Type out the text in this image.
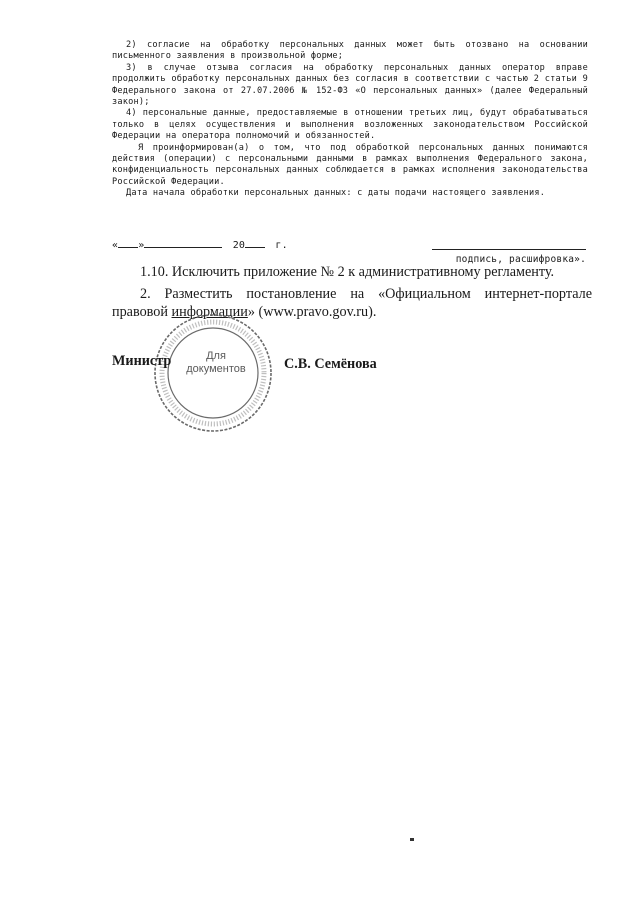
2) согласие на обработку персональных данных может быть отозвано на основании письменного заявления в произвольной форме;

3) в случае отзыва согласия на обработку персональных данных оператор вправе продолжить обработку персональных данных без согласия в соответствии с частью 2 статьи 9 Федерального закона от 27.07.2006 № 152-ФЗ «О персональных данных» (далее Федеральный закон);

4) персональные данные, предоставляемые в отношении третьих лиц, будут обрабатываться только в целях осуществления и выполнения возложенных законодательством Российской Федерации на оператора полномочий и обязанностей.

Я проинформирован(а) о том, что под обработкой персональных данных понимаются действия (операции) с персональными данными в рамках выполнения Федерального закона, конфиденциальность персональных данных соблюдается в рамках исполнения законодательства Российской Федерации.

Дата начала обработки персональных данных: с даты подачи настоящего заявления.

« »	20	г.
подпись, расшифровка».

1.10. Исключить приложение № 2 к административному регламенту.

2. Разместить постановление на «Официальном интернет-портале правовой информации» (www.pravo.gov.ru).

Для документов
Министр	С.В. Семёнова
